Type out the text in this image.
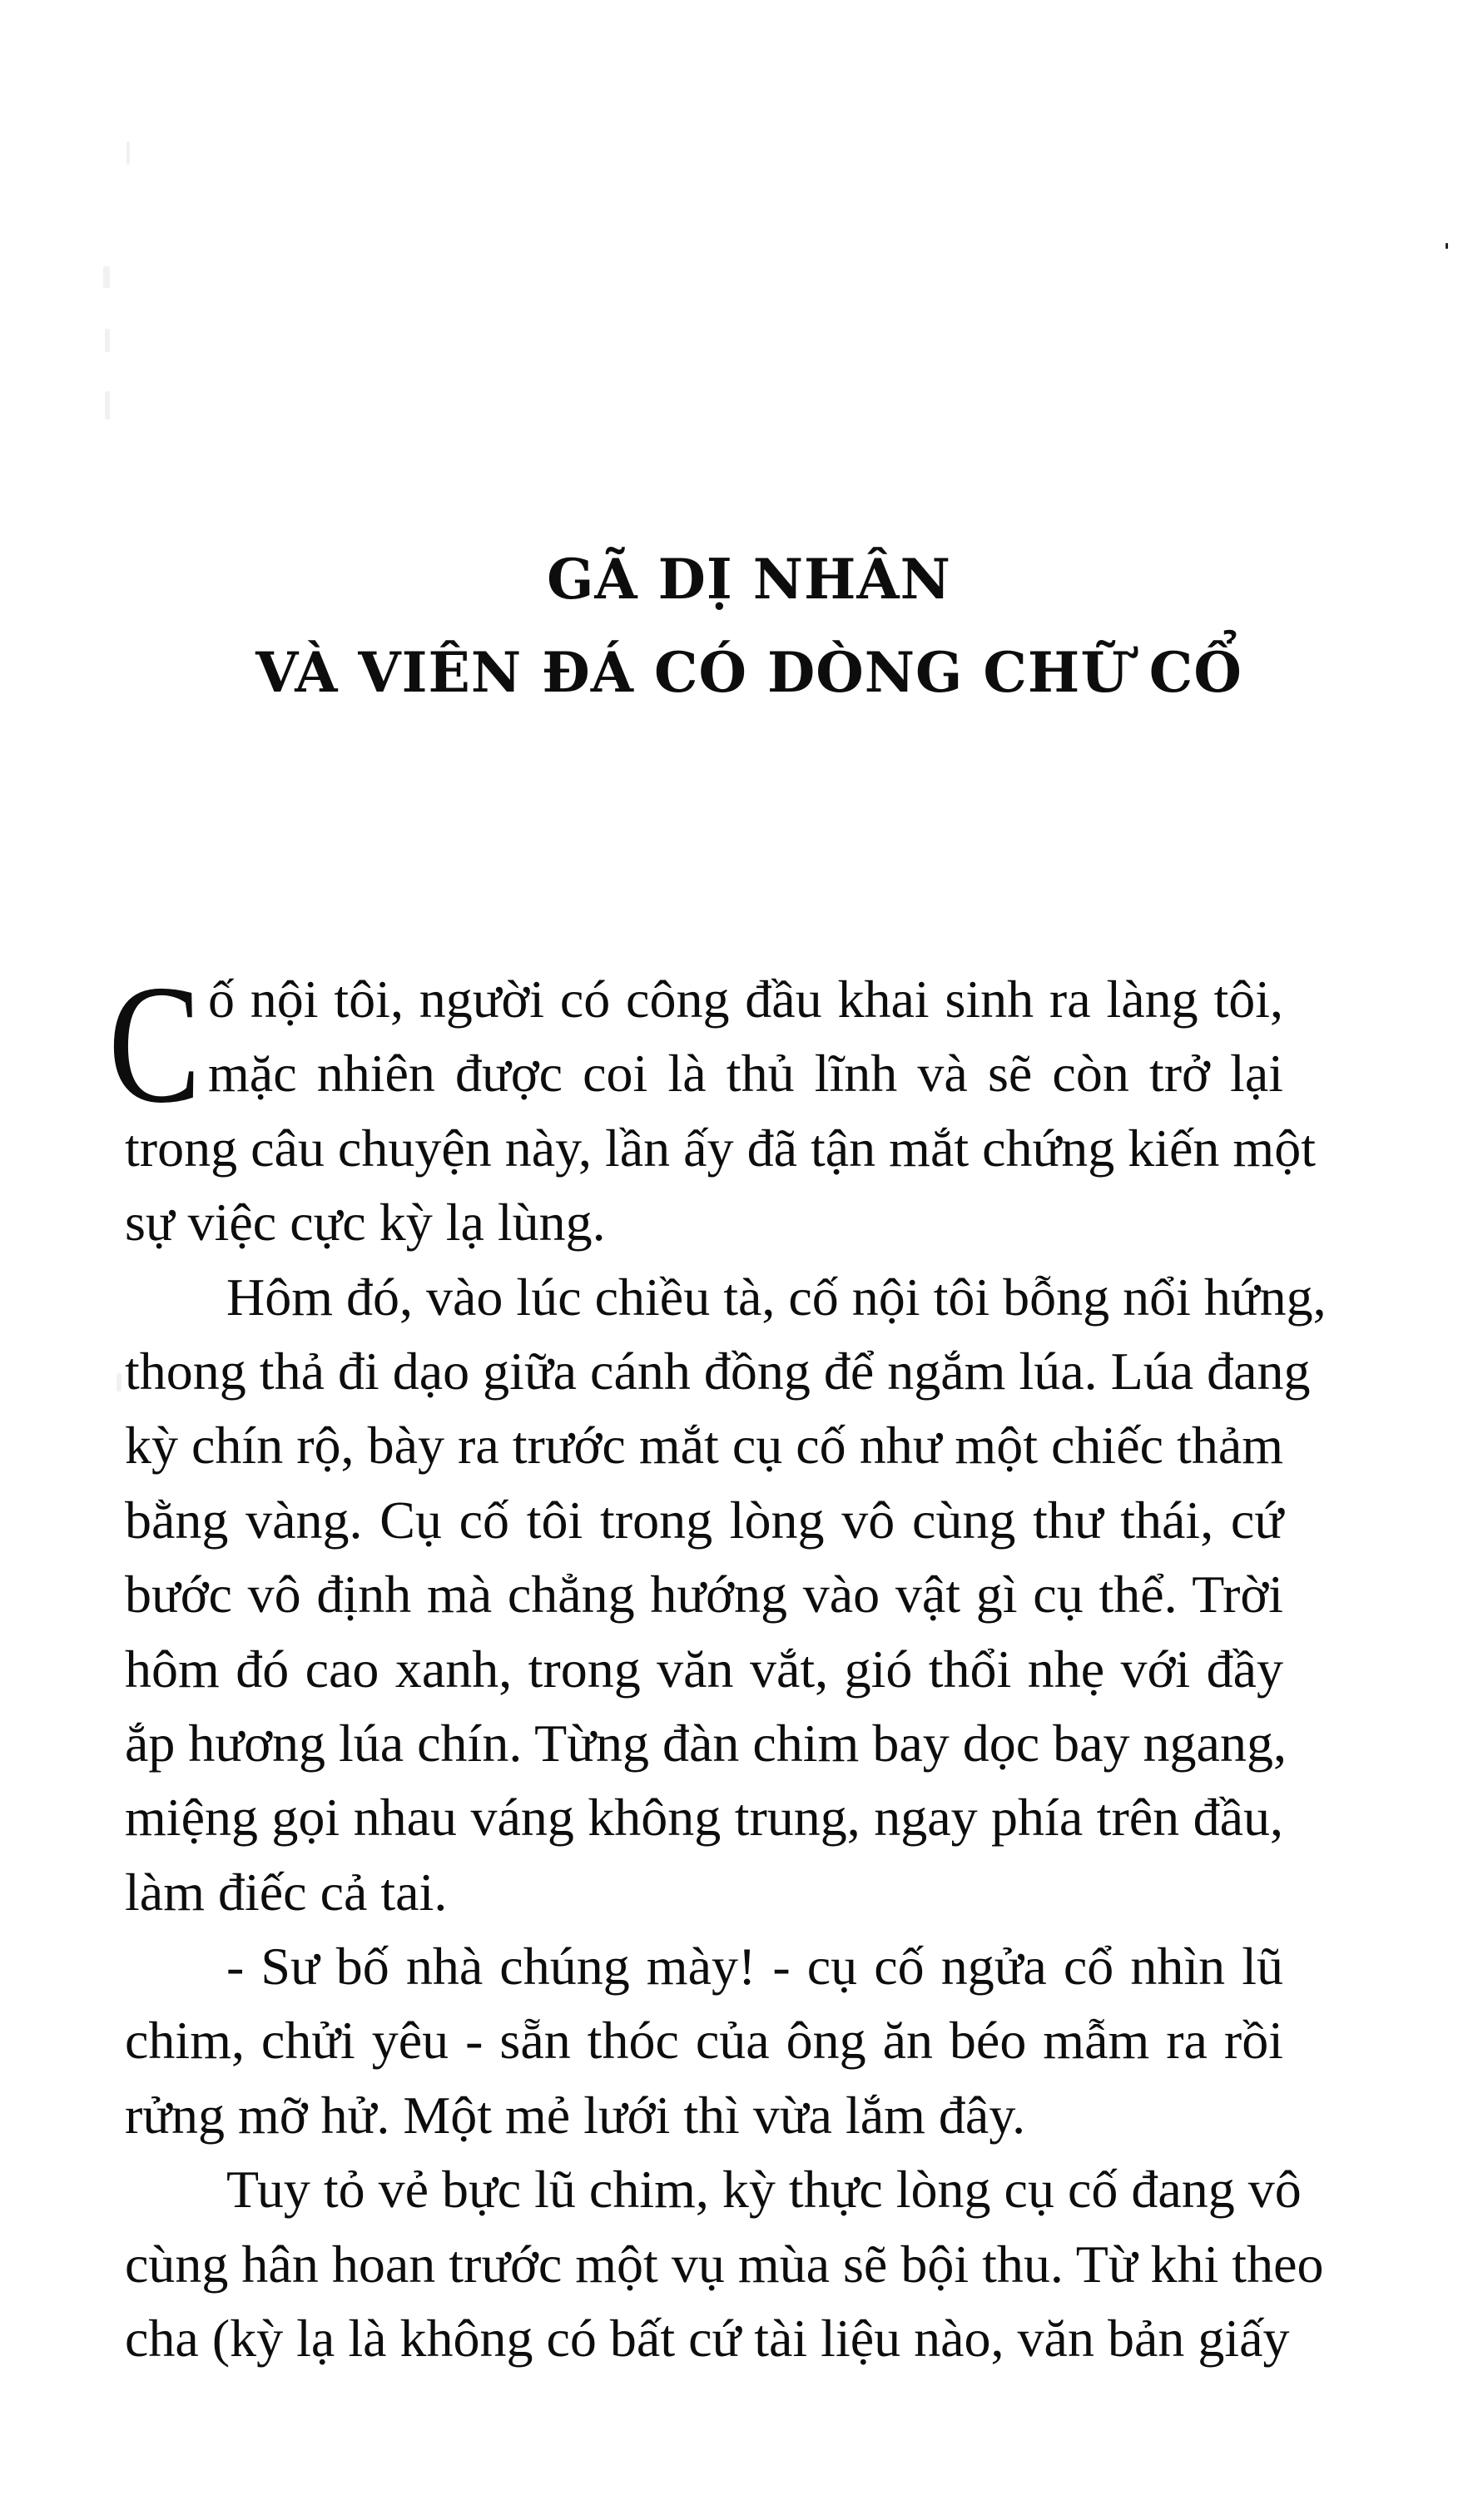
GÃ DỊ NHÂN
VÀ VIÊN ĐÁ CÓ DÒNG CHỮ CỔ
C ố nội tôi, người có công đầu khai sinh ra làng tôi,
mặc nhiên được coi là thủ lĩnh và sẽ còn trở lại
trong câu chuyện này, lần ấy đã tận mắt chứng kiến một
sự việc cực kỳ lạ lùng.
Hôm đó, vào lúc chiều tà, cố nội tôi bỗng nổi hứng,
thong thả đi dạo giữa cánh đồng để ngắm lúa. Lúa đang
kỳ chín rộ, bày ra trước mắt cụ cố như một chiếc thảm
bằng vàng. Cụ cố tôi trong lòng vô cùng thư thái, cứ
bước vô định mà chẳng hướng vào vật gì cụ thể. Trời
hôm đó cao xanh, trong văn vắt, gió thổi nhẹ với đầy
ắp hương lúa chín. Từng đàn chim bay dọc bay ngang,
miệng gọi nhau váng không trung, ngay phía trên đầu,
làm điếc cả tai.
- Sư bố nhà chúng mày! - cụ cố ngửa cổ nhìn lũ
chim, chửi yêu - sẵn thóc của ông ăn béo mẫm ra rồi
rửng mỡ hử. Một mẻ lưới thì vừa lắm đây.
Tuy tỏ vẻ bực lũ chim, kỳ thực lòng cụ cố đang vô
cùng hân hoan trước một vụ mùa sẽ bội thu. Từ khi theo
cha (kỳ lạ là không có bất cứ tài liệu nào, văn bản giấy
